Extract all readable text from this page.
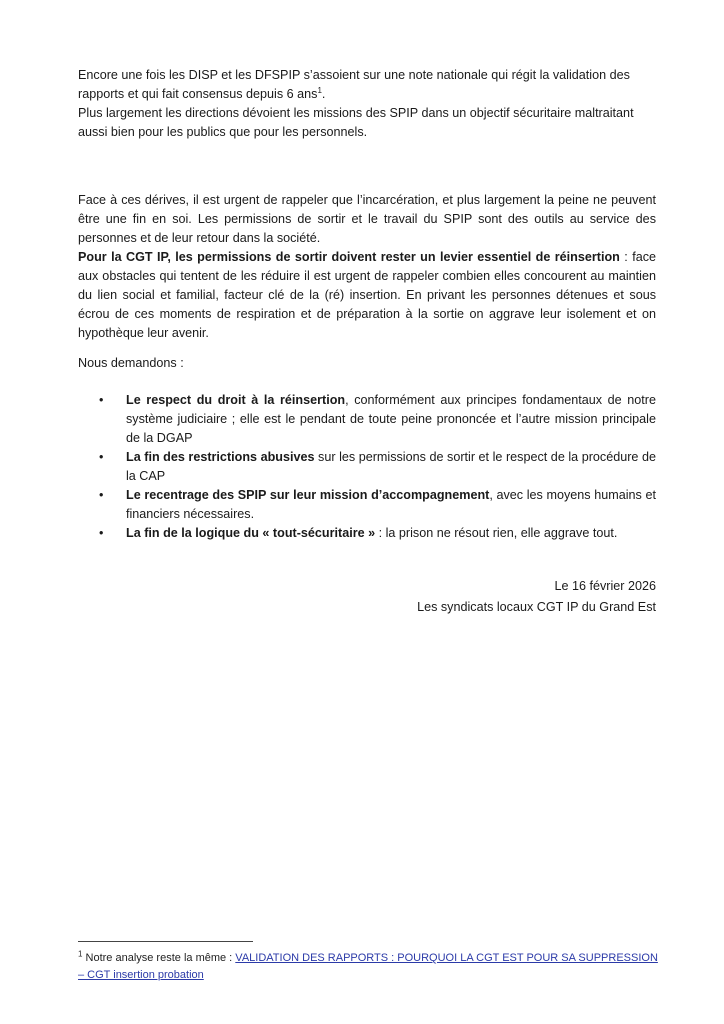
Encore une fois les DISP et les DFSPIP s’assoient sur une note nationale qui régit la validation des rapports et qui fait consensus depuis 6 ans$^1$.

Plus largement les directions dévoient les missions des SPIP dans un objectif sécuritaire maltraitant aussi bien pour les publics que pour les personnels.

Face à ces dérives, il est urgent de rappeler que l’incarcération, et plus largement la peine ne peuvent être une fin en soi. Les permissions de sortir et le travail du SPIP sont des outils au service des personnes et de leur retour dans la société.

Pour la CGT IP, les permissions de sortir doivent rester un levier essentiel de réinsertion : face aux obstacles qui tentent de les réduire il est urgent de rappeler combien elles concourent au maintien du lien social et familial, facteur clé de la (ré) insertion. En privant les personnes détenues et sous écrou de ces moments de respiration et de préparation à la sortie on aggrave leur isolement et on hypothèque leur avenir.

Nous demandons :
• Le respect du droit à la réinsertion, conformément aux principes fondamentaux de notre système judiciaire ; elle est le pendant de toute peine prononcée et l’autre mission principale de la DGAP
• La fin des restrictions abusives sur les permissions de sortir et le respect de la procédure de la CAP
• Le recentrage des SPIP sur leur mission d’accompagnement, avec les moyens humains et financiers nécessaires.
• La fin de la logique du « tout-sécuritaire » : la prison ne résout rien, elle aggrave tout.
Le 16 février 2026
Les syndicats locaux CGT IP du Grand Est
$^1$ Notre analyse reste la même : VALIDATION DES RAPPORTS : POURQUOI LA CGT EST POUR SA SUPPRESSION – CGT insertion probation
